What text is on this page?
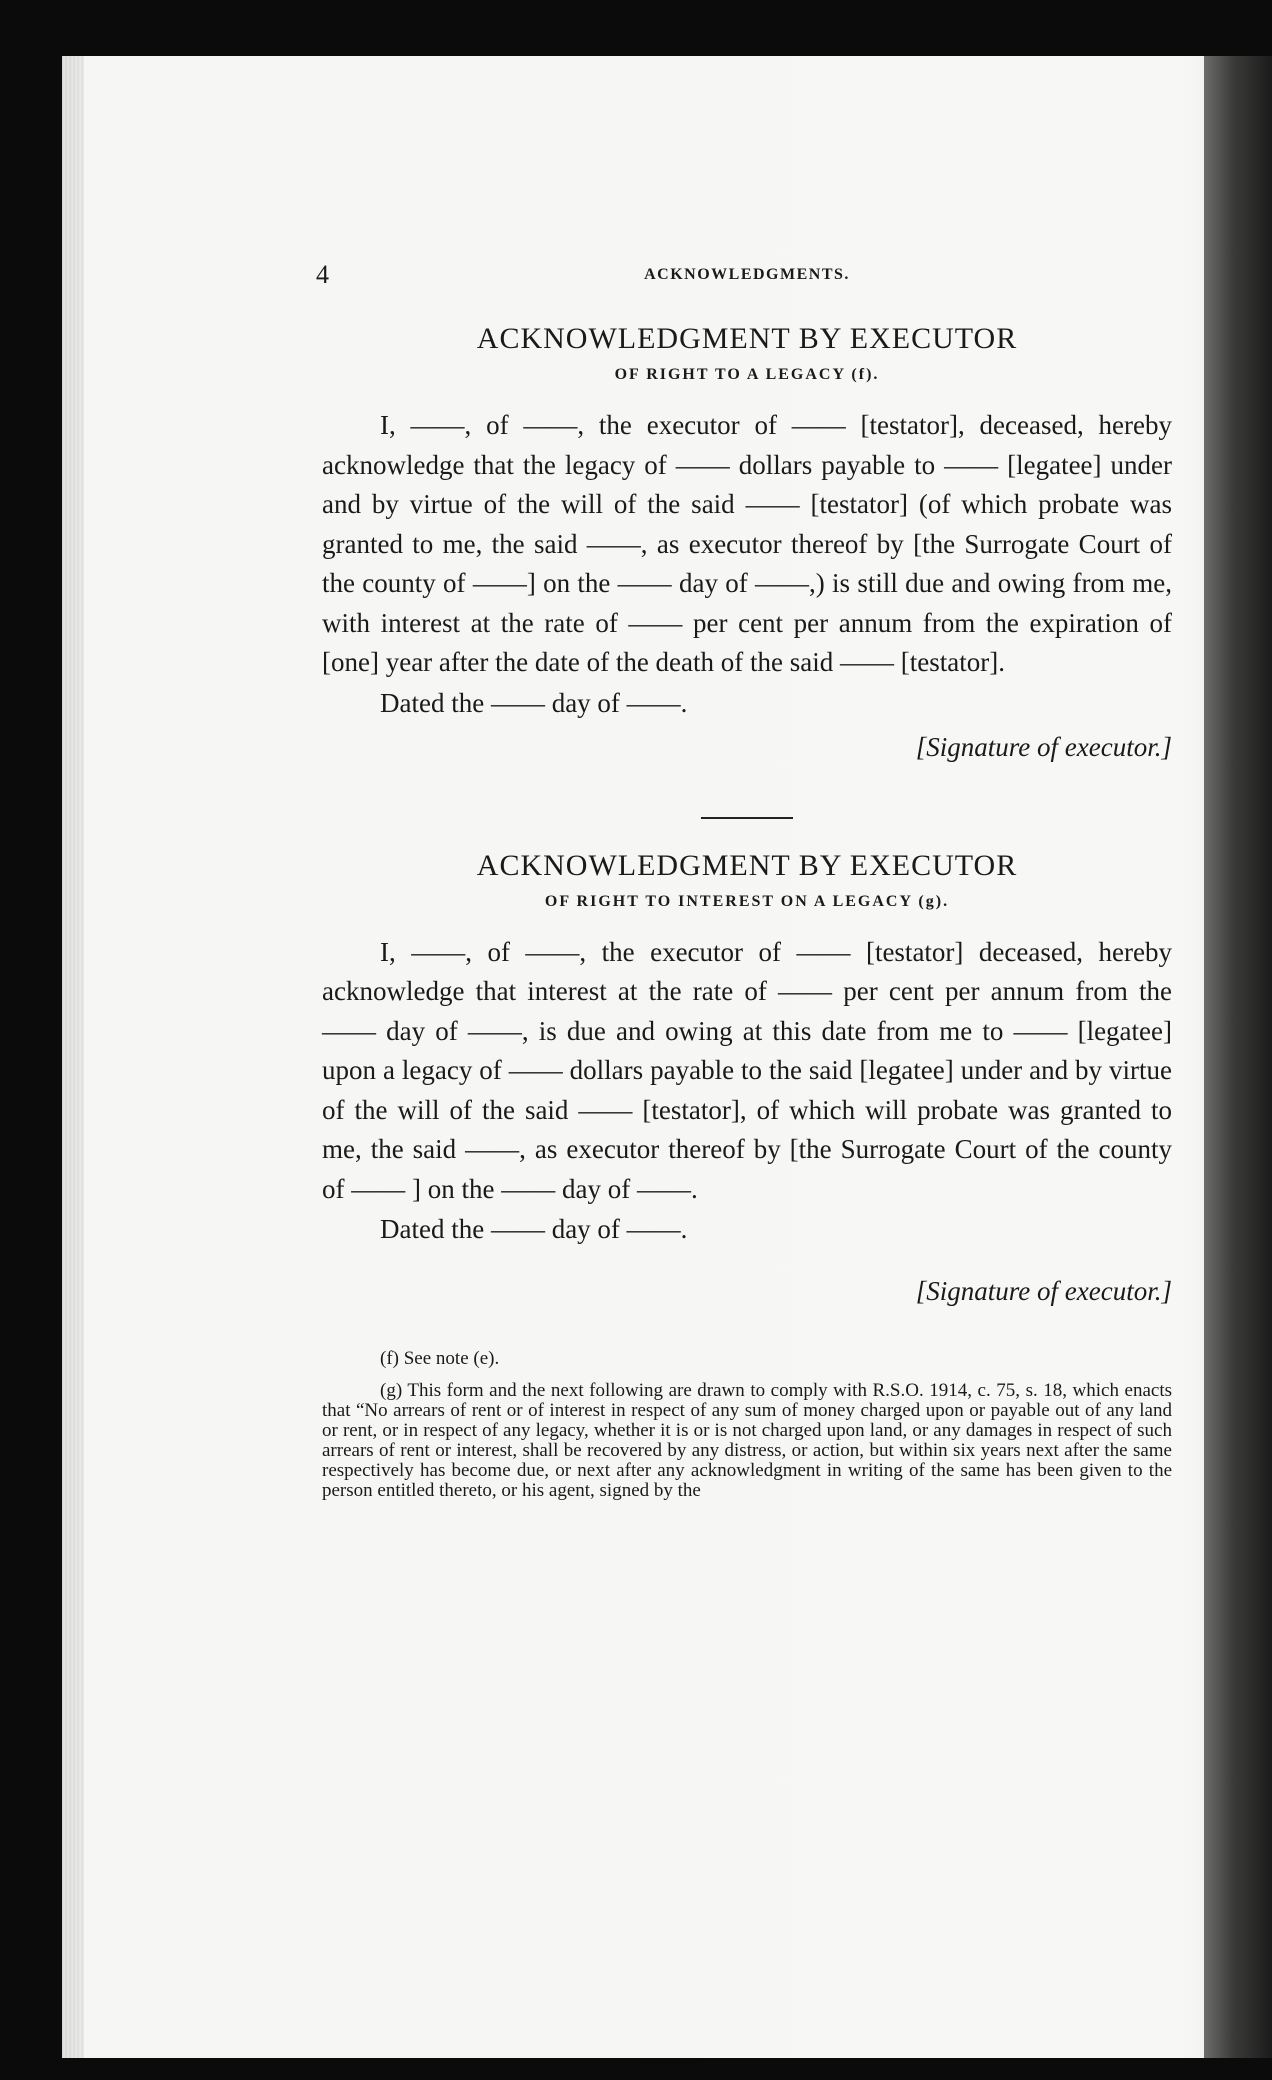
4	ACKNOWLEDGMENTS.
ACKNOWLEDGMENT BY EXECUTOR
OF RIGHT TO A LEGACY (f).
I, ——, of ——, the executor of —— [testator], deceased, hereby acknowledge that the legacy of —— dollars payable to —— [legatee] under and by virtue of the will of the said —— [testator] (of which probate was granted to me, the said ——, as executor thereof by [the Surrogate Court of the county of ——] on the —— day of ——,) is still due and owing from me, with interest at the rate of —— per cent per annum from the expiration of [one] year after the date of the death of the said —— [testator].
Dated the —— day of ——.
[Signature of executor.]
ACKNOWLEDGMENT BY EXECUTOR
OF RIGHT TO INTEREST ON A LEGACY (g).
I, ——, of ——, the executor of —— [testator] deceased, hereby acknowledge that interest at the rate of —— per cent per annum from the —— day of ——, is due and owing at this date from me to —— [legatee] upon a legacy of —— dollars payable to the said [legatee] under and by virtue of the will of the said —— [testator], of which will probate was granted to me, the said ——, as executor thereof by [the Surrogate Court of the county of —— ] on the —— day of ——.
Dated the —— day of ——.
[Signature of executor.]
(f) See note (e).
(g) This form and the next following are drawn to comply with R.S.O. 1914, c. 75, s. 18, which enacts that “No arrears of rent or of interest in respect of any sum of money charged upon or payable out of any land or rent, or in respect of any legacy, whether it is or is not charged upon land, or any damages in respect of such arrears of rent or interest, shall be recovered by any distress, or action, but within six years next after the same respectively has become due, or next after any acknowledgment in writing of the same has been given to the person entitled thereto, or his agent, signed by the
